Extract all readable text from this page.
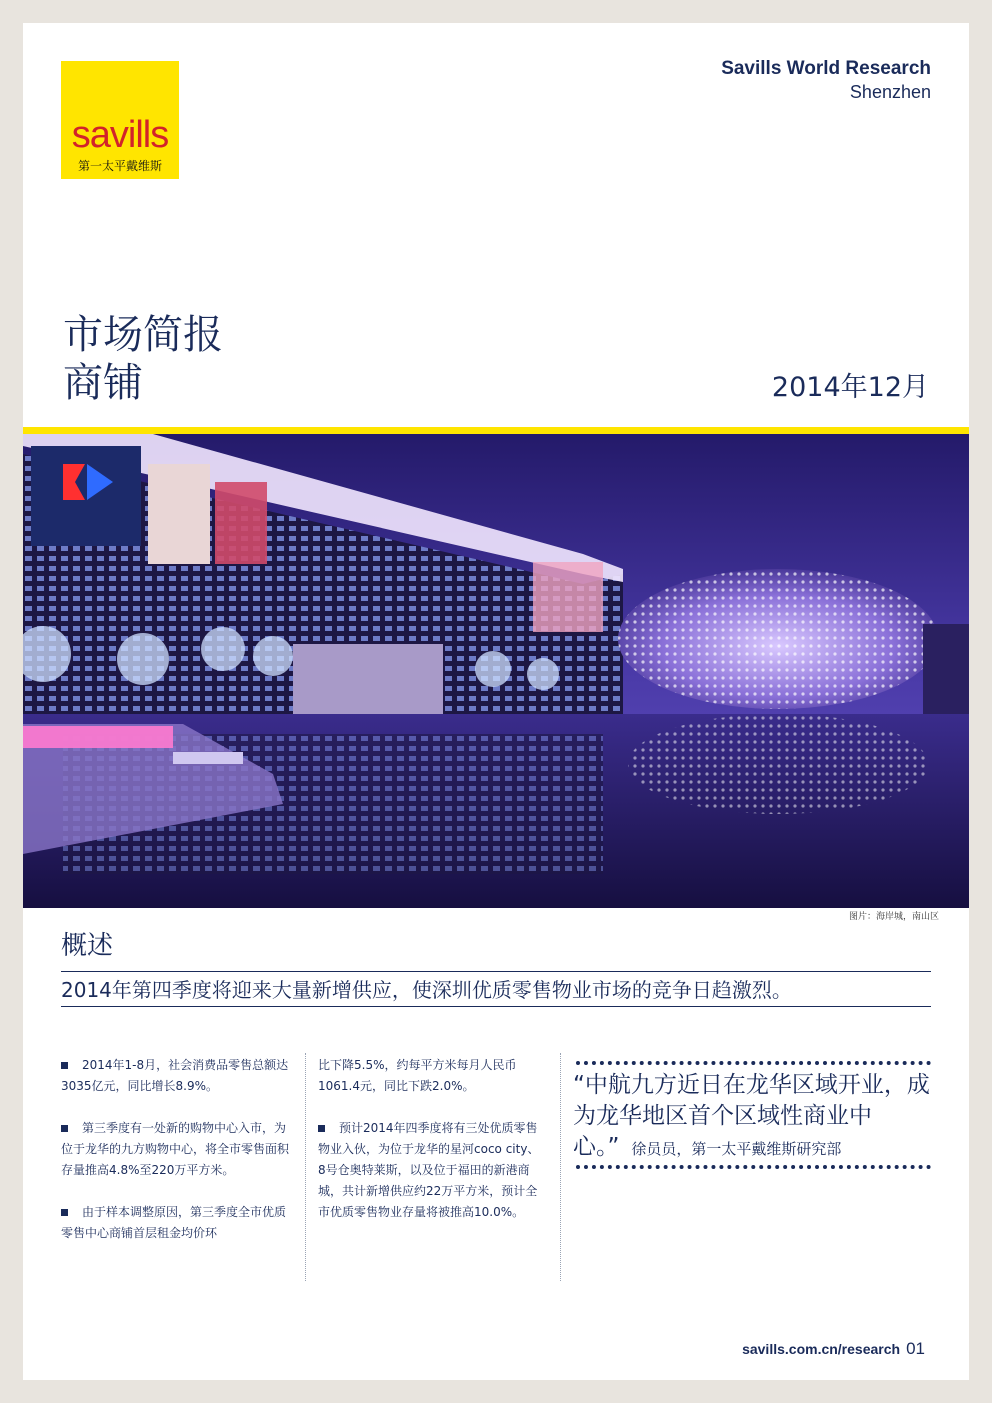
savills
第一太平戴维斯
Savills World Research
Shenzhen
市场简报
商铺	2014年12月
图片：海岸城，南山区
概述
2014年第四季度将迎来大量新增供应，使深圳优质零售物业市场的竞争日趋激烈。

2014年1-8月，社会消费品零售总额达3035亿元，同比增长8.9%。

第三季度有一处新的购物中心入市，为位于龙华的九方购物中心，将全市零售面积存量推高4.8%至220万平方米。

由于样本调整原因，第三季度全市优质零售中心商铺首层租金均价环

比下降5.5%，约每平方米每月人民币1061.4元，同比下跌2.0%。

预计2014年四季度将有三处优质零售物业入伙，为位于龙华的星河coco city、8号仓奥特莱斯，以及位于福田的新港商城，共计新增供应约22万平方米，预计全市优质零售物业存量将被推高10.0%。

“中航九方近日在龙华区域开业，成为龙华地区首个区域性商业中心。” 徐员员，第一太平戴维斯研究部
savills.com.cn/research 01
